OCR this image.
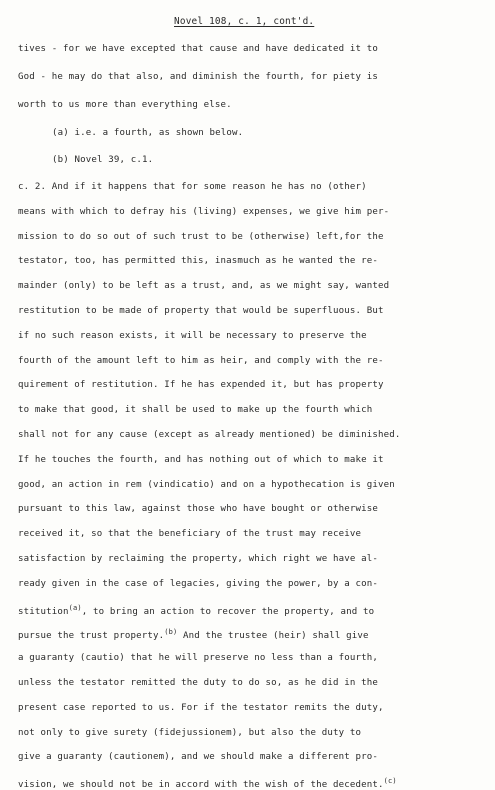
Novel 108, c. 1, cont'd.
tives - for we have excepted that cause and have dedicated it to
God - he may do that also, and diminish the fourth, for piety is
worth to us more than everything else.
(a) i.e. a fourth, as shown below.
(b) Novel 39, c.1.
c. 2. And if it happens that for some reason he has no (other)
means with which to defray his (living) expenses, we give him per-
mission to do so out of such trust to be (otherwise) left,for the
testator, too, has permitted this, inasmuch as he wanted the re-
mainder (only) to be left as a trust, and, as we might say, wanted
restitution to be made of property that would be superfluous. But
if no such reason exists, it will be necessary to preserve the
fourth of the amount left to him as heir, and comply with the re-
quirement of restitution. If he has expended it, but has property
to make that good, it shall be used to make up the fourth which
shall not for any cause (except as already mentioned) be diminished.
If he touches the fourth, and has nothing out of which to make it
good, an action in rem (vindicatio) and on a hypothecation is given
pursuant to this law, against those who have bought or otherwise
received it, so that the beneficiary of the trust may receive
satisfaction by reclaiming the property, which right we have al-
ready given in the case of legacies, giving the power, by a con-
stitution$^{(a)}$, to bring an action to recover the property, and to
pursue the trust property.$^{(b)}$ And the trustee (heir) shall give
a guaranty (cautio) that he will preserve no less than a fourth,
unless the testator remitted the duty to do so, as he did in the
present case reported to us. For if the testator remits the duty,
not only to give surety (fidejussionem), but also the duty to
give a guaranty (cautionem), and we should make a different pro-
vision, we should not be in accord with the wish of the decedent.$^{(c)}$
